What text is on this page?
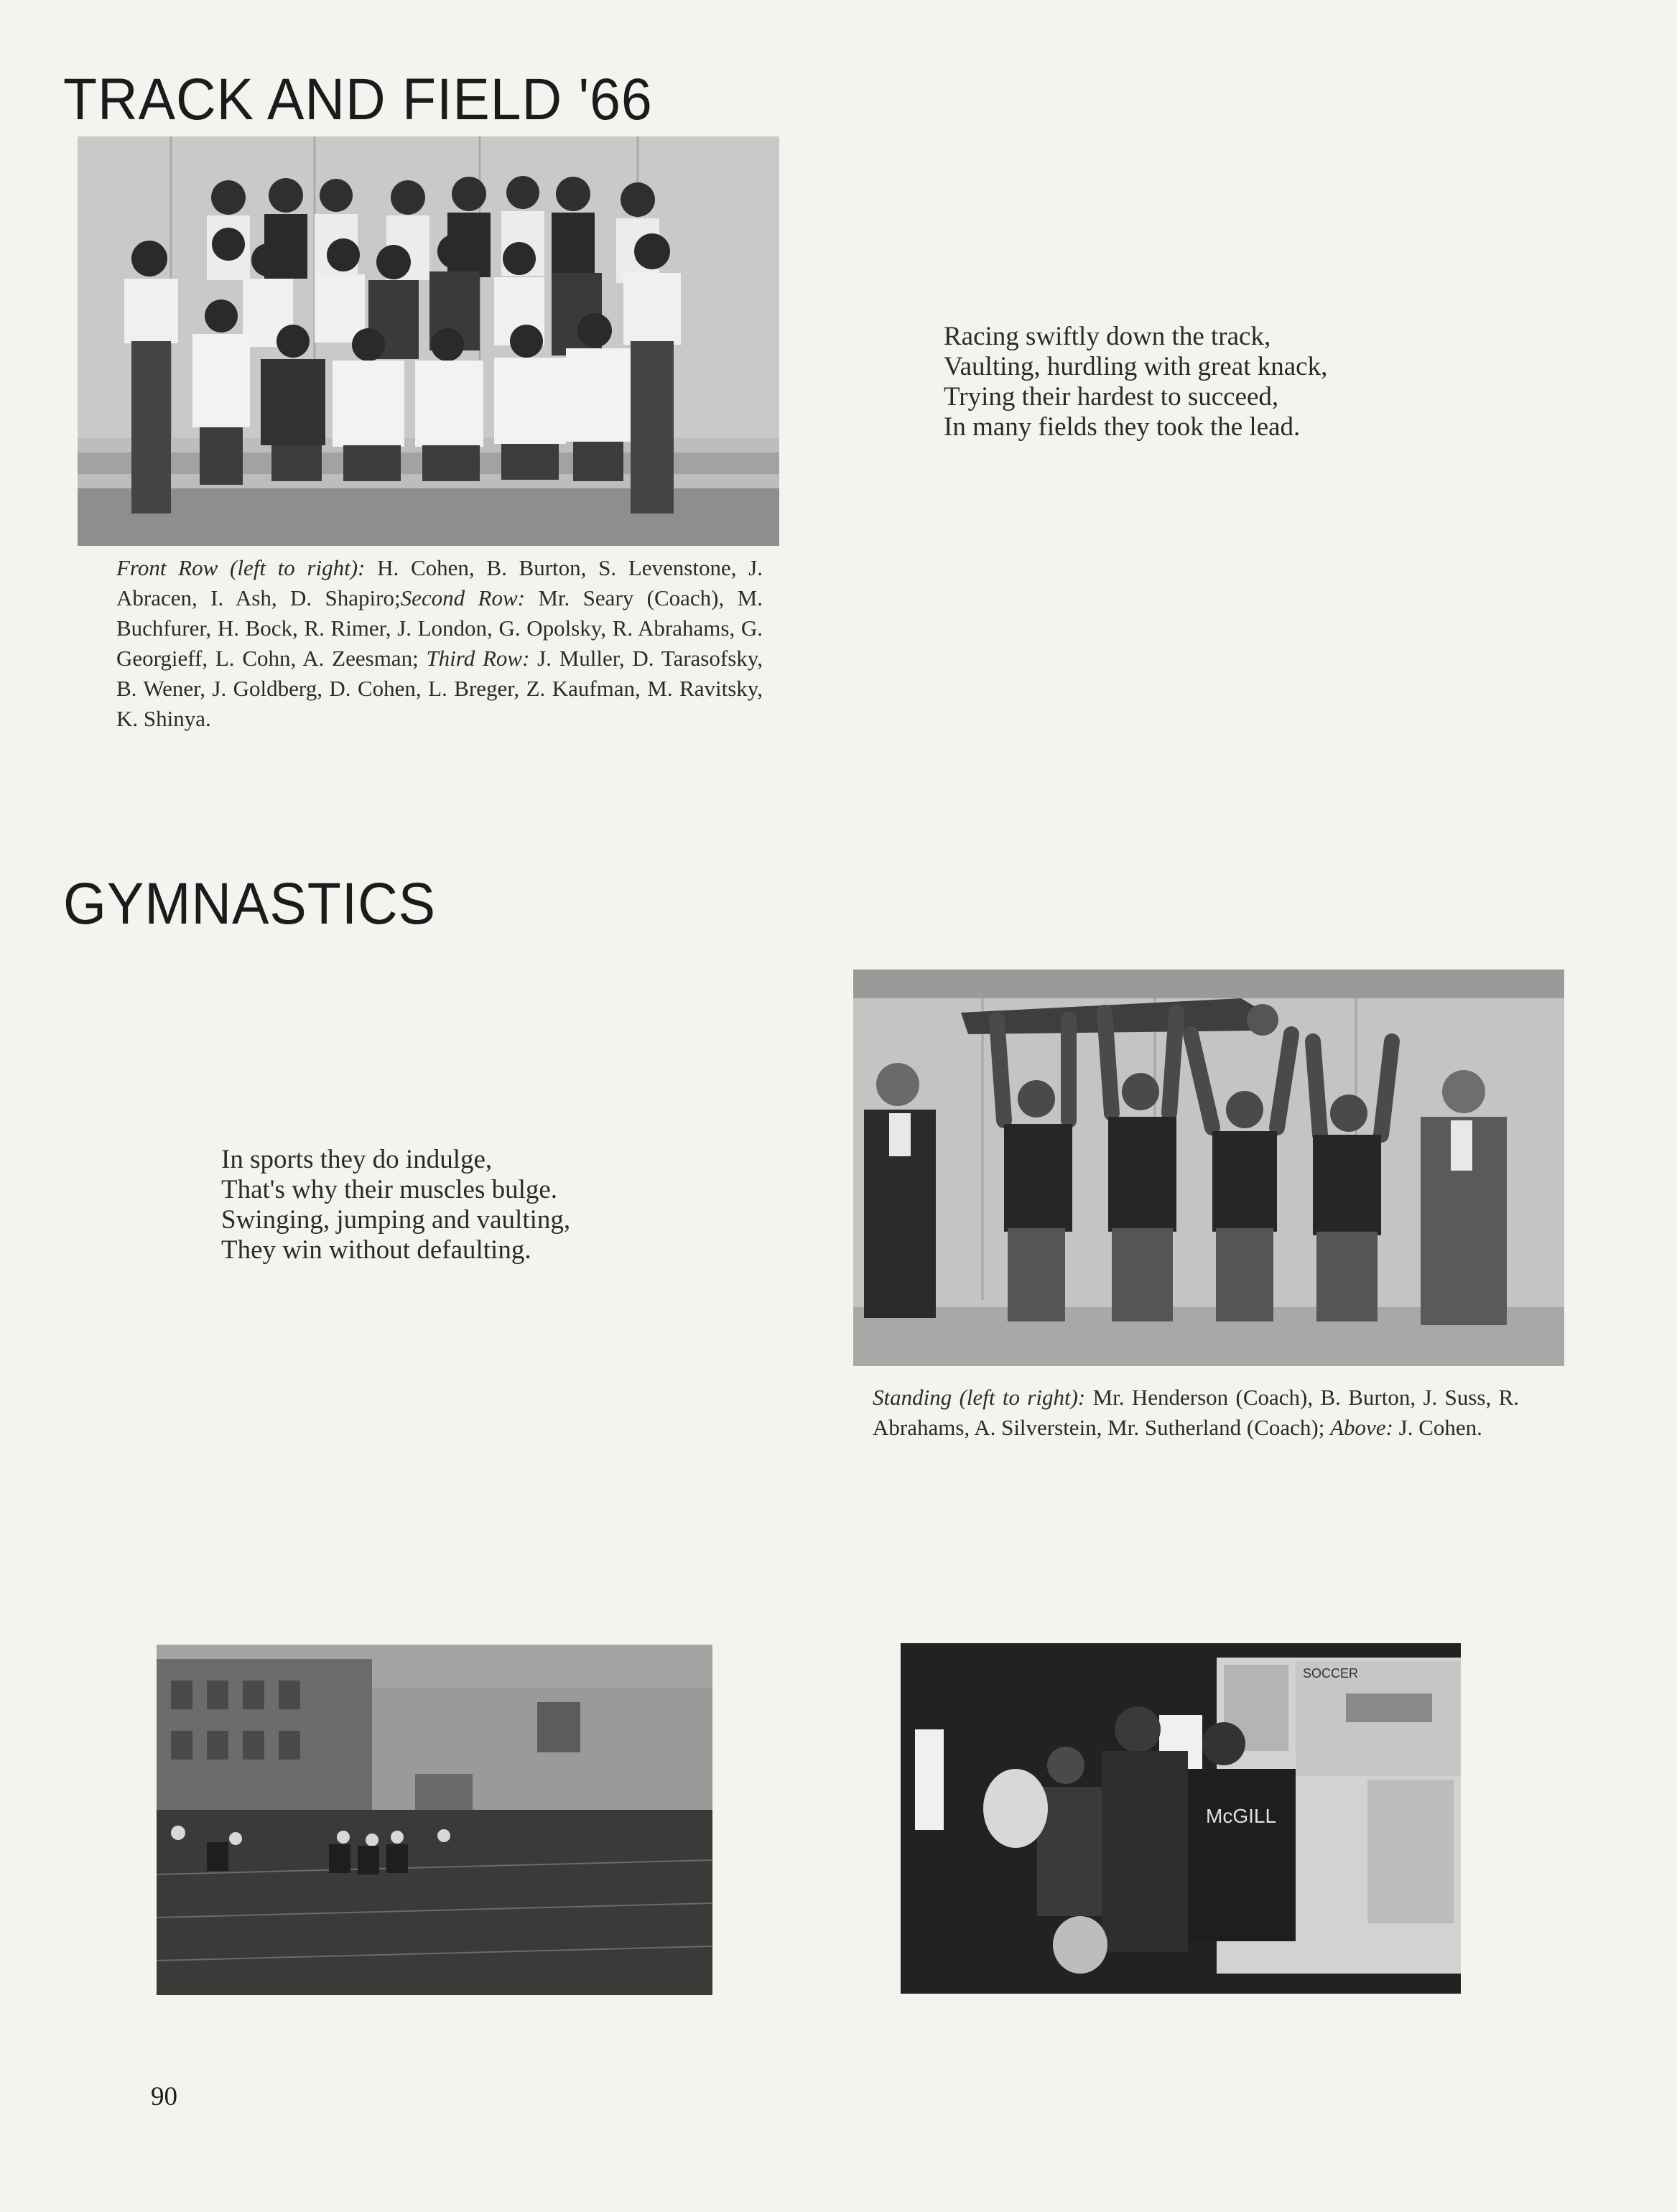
TRACK AND FIELD '66
Racing swiftly down the track,
Vaulting, hurdling with great knack,
Trying their hardest to succeed,
In many fields they took the lead.
Front Row (left to right): H. Cohen, B. Burton, S. Levenstone, J. Abracen, I. Ash, D. Shapiro;Second Row: Mr. Seary (Coach), M. Buchfurer, H. Bock, R. Rimer, J. London, G. Opolsky, R. Abrahams, G. Georgieff, L. Cohn, A. Zeesman; Third Row: J. Muller, D. Tarasofsky, B. Wener, J. Goldberg, D. Cohen, L. Breger, Z. Kaufman, M. Ravitsky, K. Shinya.
GYMNASTICS
In sports they do indulge,
That's why their muscles bulge.
Swinging, jumping and vaulting,
They win without defaulting.
Standing (left to right): Mr. Henderson (Coach), B. Burton, J. Suss, R. Abrahams, A. Silverstein, Mr. Sutherland (Coach); Above: J. Cohen.
SOCCER
McGILL
90
